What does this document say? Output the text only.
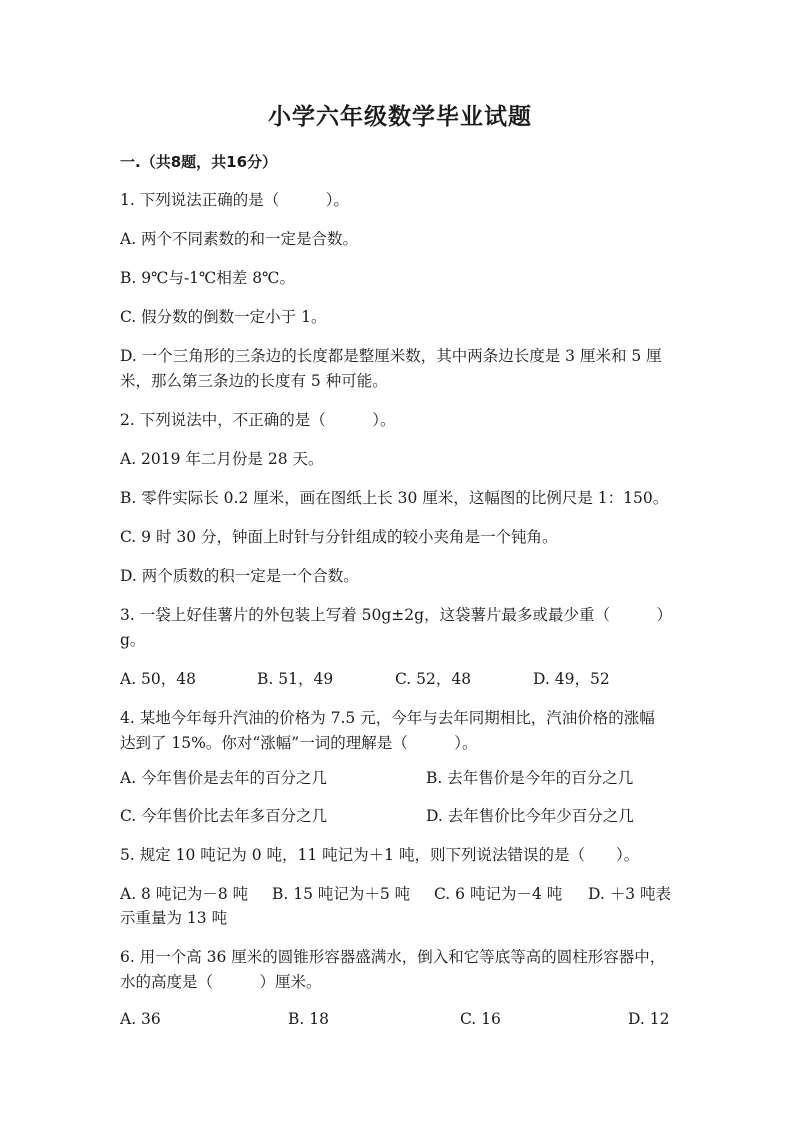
小学六年级数学毕业试题
一.（共8题，共16分）
1. 下列说法正确的是（　　　）。
A. 两个不同素数的和一定是合数。
B. 9℃与-1℃相差 8℃。
C. 假分数的倒数一定小于 1。
D. 一个三角形的三条边的长度都是整厘米数，其中两条边长度是 3 厘米和 5 厘
米，那么第三条边的长度有 5 种可能。
2. 下列说法中，不正确的是（　　　）。
A. 2019 年二月份是 28 天。
B. 零件实际长 0.2 厘米，画在图纸上长 30 厘米，这幅图的比例尺是 1：150。
C. 9 时 30 分，钟面上时针与分针组成的较小夹角是一个钝角。
D. 两个质数的积一定是一个合数。
3. 一袋上好佳薯片的外包装上写着 50g±2g，这袋薯片最多或最少重（　　　）
g。
A. 50，48	B. 51，49	C. 52，48	D. 49，52
4. 某地今年每升汽油的价格为 7.5 元，今年与去年同期相比，汽油价格的涨幅
达到了 15%。你对“涨幅”一词的理解是（　　　）。
A. 今年售价是去年的百分之几	B. 去年售价是今年的百分之几
C. 今年售价比去年多百分之几	D. 去年售价比今年少百分之几
5. 规定 10 吨记为 0 吨，11 吨记为＋1 吨，则下列说法错误的是（　　）。
A. 8 吨记为－8 吨 B. 15 吨记为＋5 吨 C. 6 吨记为－4 吨 D. ＋3 吨表
示重量为 13 吨
6. 用一个高 36 厘米的圆锥形容器盛满水，倒入和它等底等高的圆柱形容器中，
水的高度是（　　　）厘米。
A. 36	B. 18	C. 16	D. 12
